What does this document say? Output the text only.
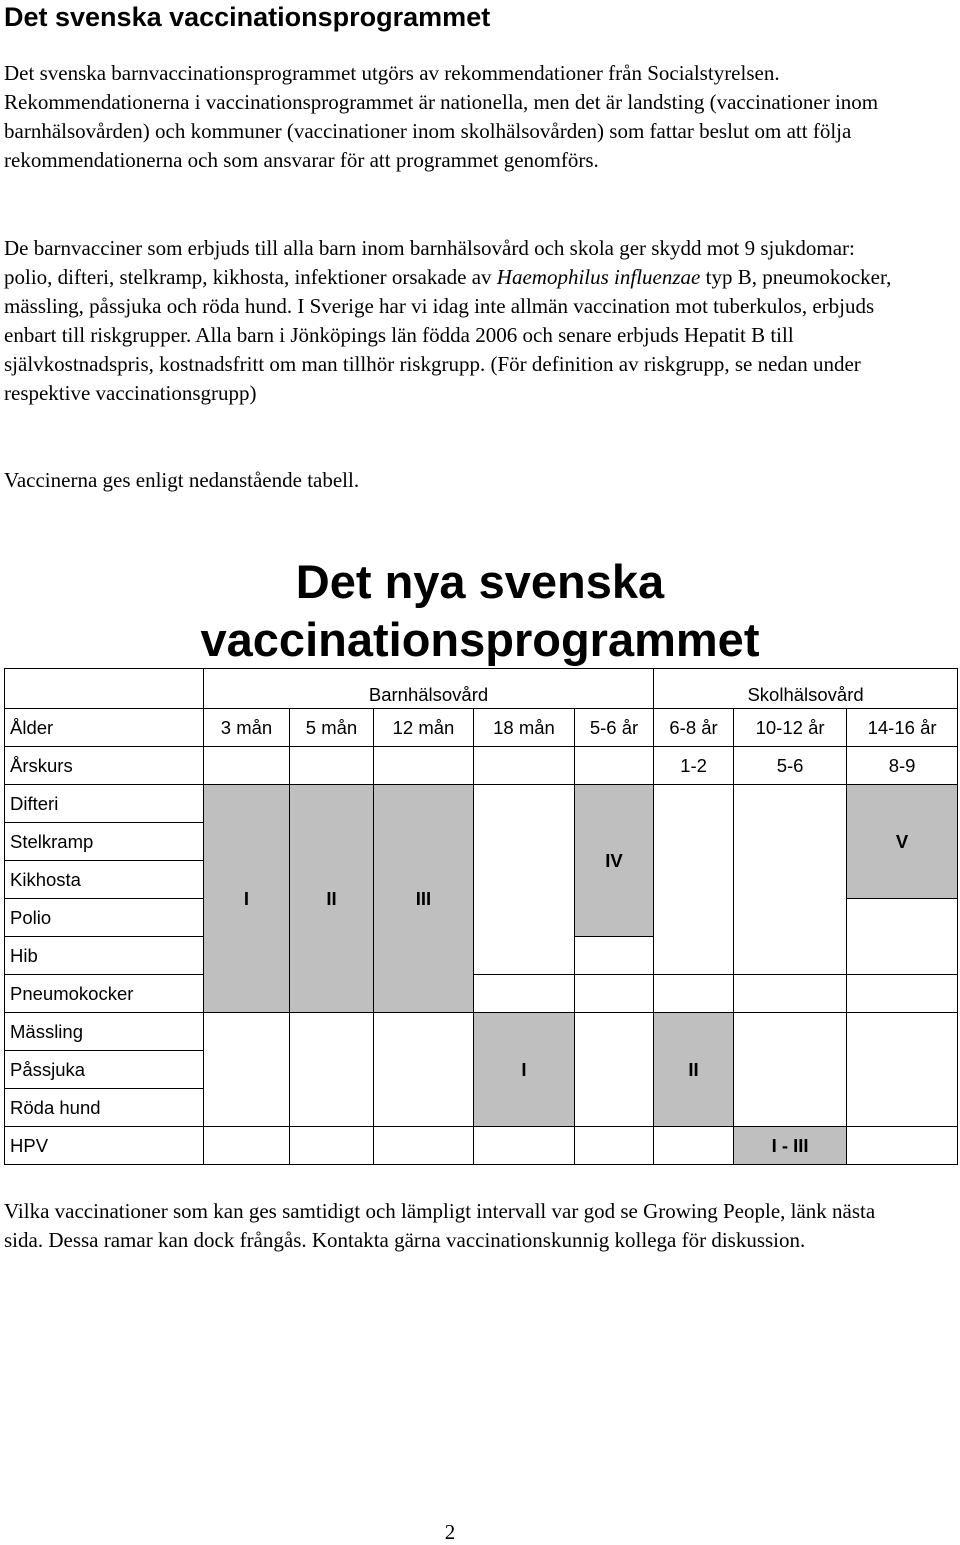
Det svenska vaccinationsprogrammet

Det svenska barnvaccinationsprogrammet utgörs av rekommendationer från Socialstyrelsen. Rekommendationerna i vaccinationsprogrammet är nationella, men det är landsting (vaccinationer inom barnhälsovården) och kommuner (vaccinationer inom skolhälsovården) som fattar beslut om att följa rekommendationerna och som ansvarar för att programmet genomförs.

De barnvacciner som erbjuds till alla barn inom barnhälsovård och skola ger skydd mot 9 sjukdomar: polio, difteri, stelkramp, kikhosta, infektioner orsakade av Haemophilus influenzae typ B, pneumokocker, mässling, påssjuka och röda hund. I Sverige har vi idag inte allmän vaccination mot tuberkulos, erbjuds enbart till riskgrupper. Alla barn i Jönköpings län födda 2006 och senare erbjuds Hepatit B till självkostnadspris, kostnadsfritt om man tillhör riskgrupp. (För definition av riskgrupp, se nedan under respektive vaccinationsgrupp)

Vaccinerna ges enligt nedanstående tabell.

Det nya svenska
vaccinationsprogrammet
	Barnhälsovård					Skolhälsovård		
Ålder	3 mån	5 mån	12 mån	18 mån	5-6 år	6-8 år	10-12 år	14-16 år
Årskurs						1-2	5-6	8-9
Difteri	I	II	III		IV			V
Stelkramp								
Kikhosta								
Polio								
Hib								
Pneumokocker								
Mässling				I		II		
Påssjuka								
Röda hund								
HPV							I - III	

Vilka vaccinationer som kan ges samtidigt och lämpligt intervall var god se Growing People, länk nästa sida. Dessa ramar kan dock frångås. Kontakta gärna vaccinationskunnig kollega för diskussion.

2
